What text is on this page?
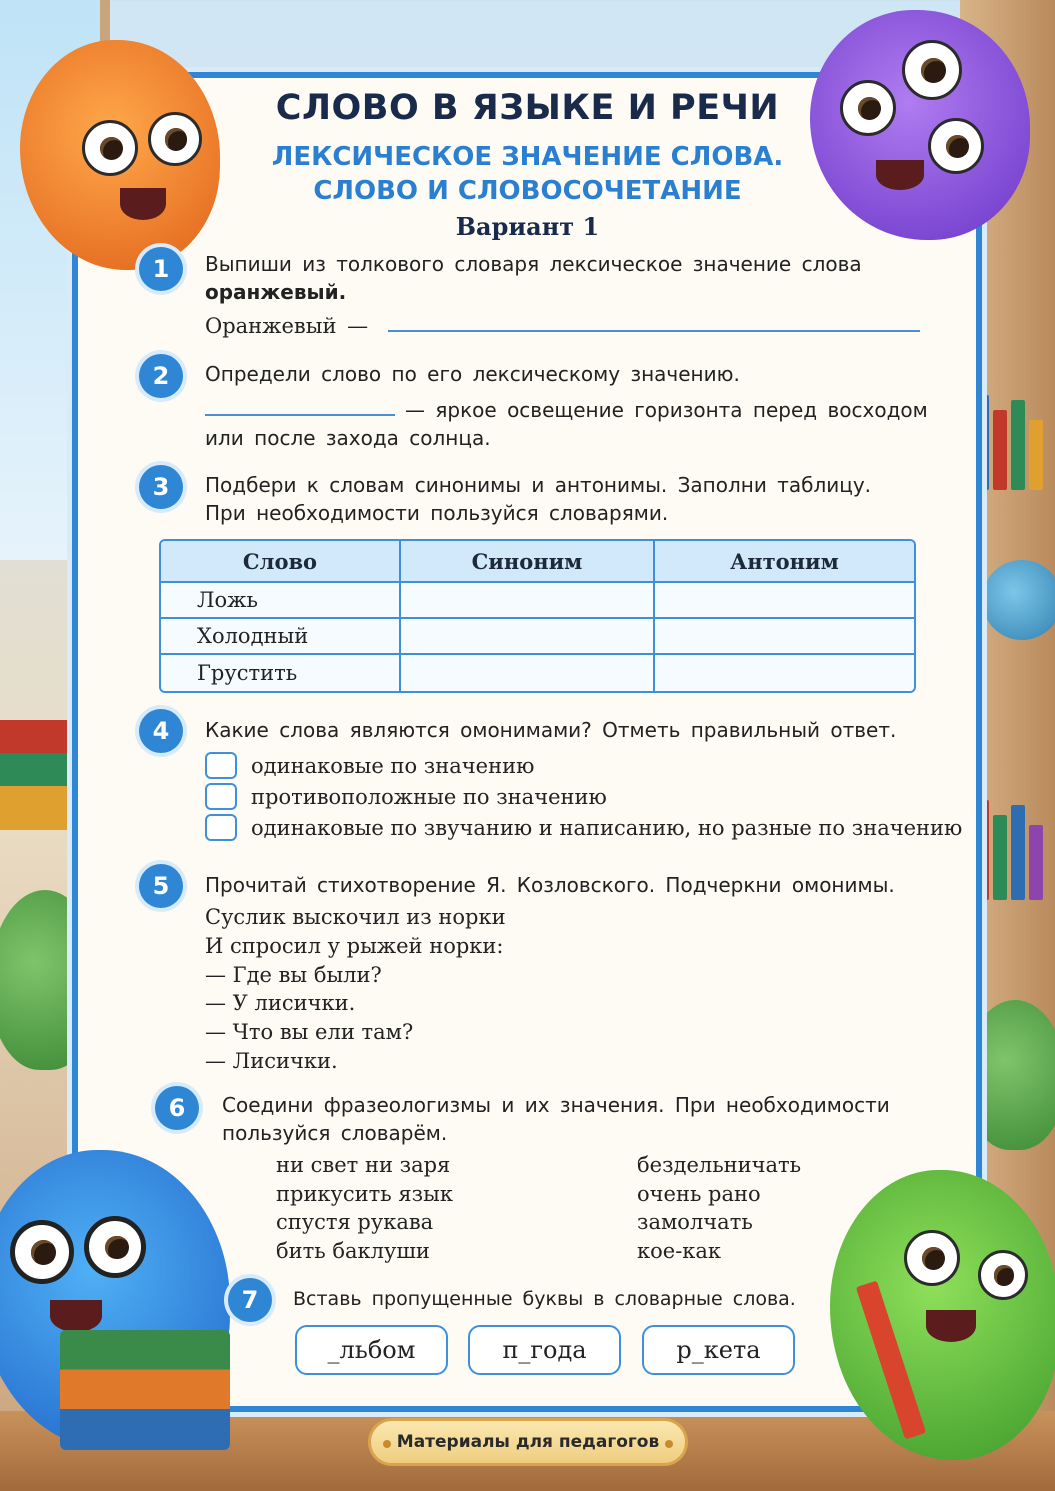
СЛОВО В ЯЗЫКЕ И РЕЧИ
ЛЕКСИЧЕСКОЕ ЗНАЧЕНИЕ СЛОВА.
СЛОВО И СЛОВОСОЧЕТАНИЕ
Вариант 1
1	Выпиши из толкового словаря лексическое значение слова
оранжевый.
Оранжевый —
2	Определи слово по его лексическому значению.
— яркое освещение горизонта перед восходом
или после захода солнца.
3	Подбери к словам синонимы и антонимы. Заполни таблицу.
При необходимости пользуйся словарями.
Слово	Синоним	Антоним
Ложь		
Холодный		
Грустить		
4	Какие слова являются омонимами? Отметь правильный ответ.
одинаковые по значению
противоположные по значению
одинаковые по звучанию и написанию, но разные по значению
5	Прочитай стихотворение Я. Козловского. Подчеркни омонимы.
Суслик выскочил из норки
И спросил у рыжей норки:
— Где вы были?
— У лисички.
— Что вы ели там?
— Лисички.
6	Соедини фразеологизмы и их значения. При необходимости
пользуйся словарём.
ни свет ни заря
прикусить язык
спустя рукава
бить баклуши
бездельничать
очень рано
замолчать
кое-как
7	Вставь пропущенные буквы в словарные слова.
_льбом	п_года	р_кета
Материалы для педагогов
